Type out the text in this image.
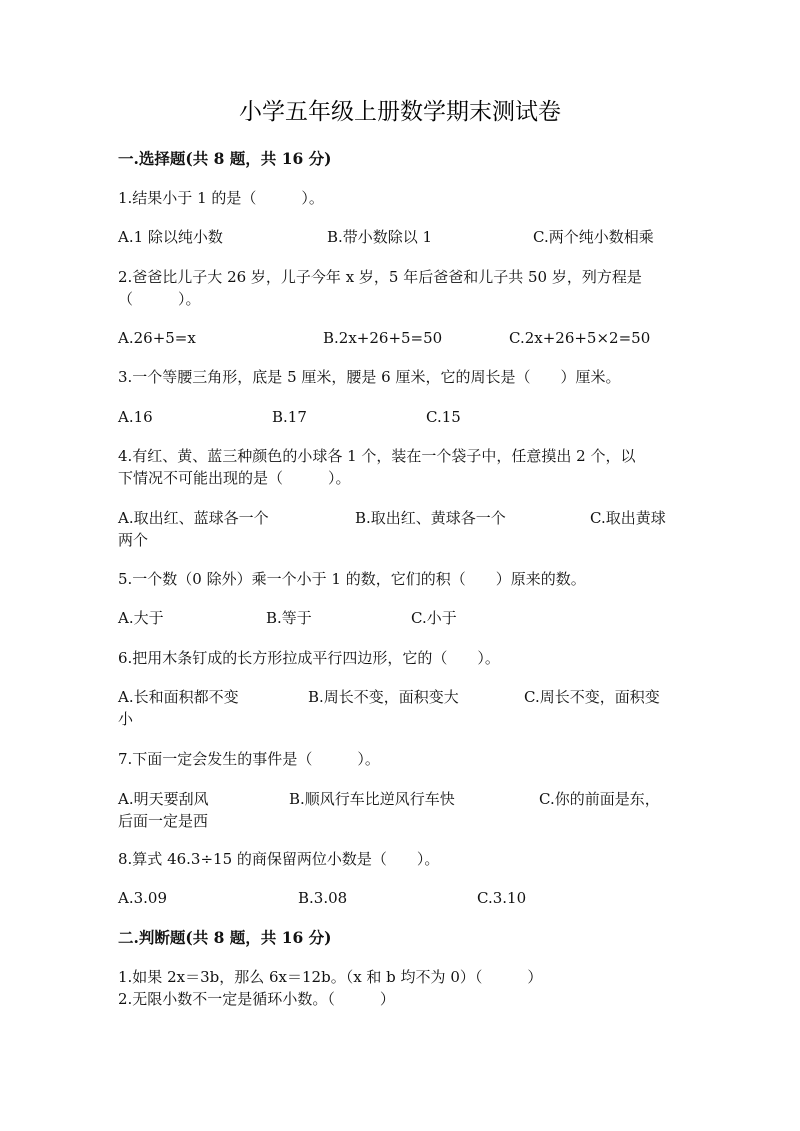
小学五年级上册数学期末测试卷
一.选择题(共 8 题，共 16 分)
1.结果小于 1 的是（　　　）。
A.1 除以纯小数	B.带小数除以 1	C.两个纯小数相乘
2.爸爸比儿子大 26 岁，儿子今年 x 岁，5 年后爸爸和儿子共 50 岁，列方程是
（　　　）。
A.26+5=x	B.2x+26+5=50	C.2x+26+5×2=50
3.一个等腰三角形，底是 5 厘米，腰是 6 厘米，它的周长是（　　）厘米。
A.16	B.17	C.15
4.有红、黄、蓝三种颜色的小球各 1 个，装在一个袋子中，任意摸出 2 个，以
下情况不可能出现的是（　　　）。
A.取出红、蓝球各一个	B.取出红、黄球各一个	C.取出黄球
两个
5.一个数（0 除外）乘一个小于 1 的数，它们的积（　　）原来的数。
A.大于	B.等于	C.小于
6.把用木条钉成的长方形拉成平行四边形，它的（　　）。
A.长和面积都不变	B.周长不变，面积变大	C.周长不变，面积变
小
7.下面一定会发生的事件是（　　　）。
A.明天要刮风	B.顺风行车比逆风行车快	C.你的前面是东，
后面一定是西
8.算式 46.3÷15 的商保留两位小数是（　　）。
A.3.09	B.3.08	C.3.10
二.判断题(共 8 题，共 16 分)
1.如果 2x＝3b，那么 6x＝12b。（x 和 b 均不为 0）（　　　）
2.无限小数不一定是循环小数。（　　　）
